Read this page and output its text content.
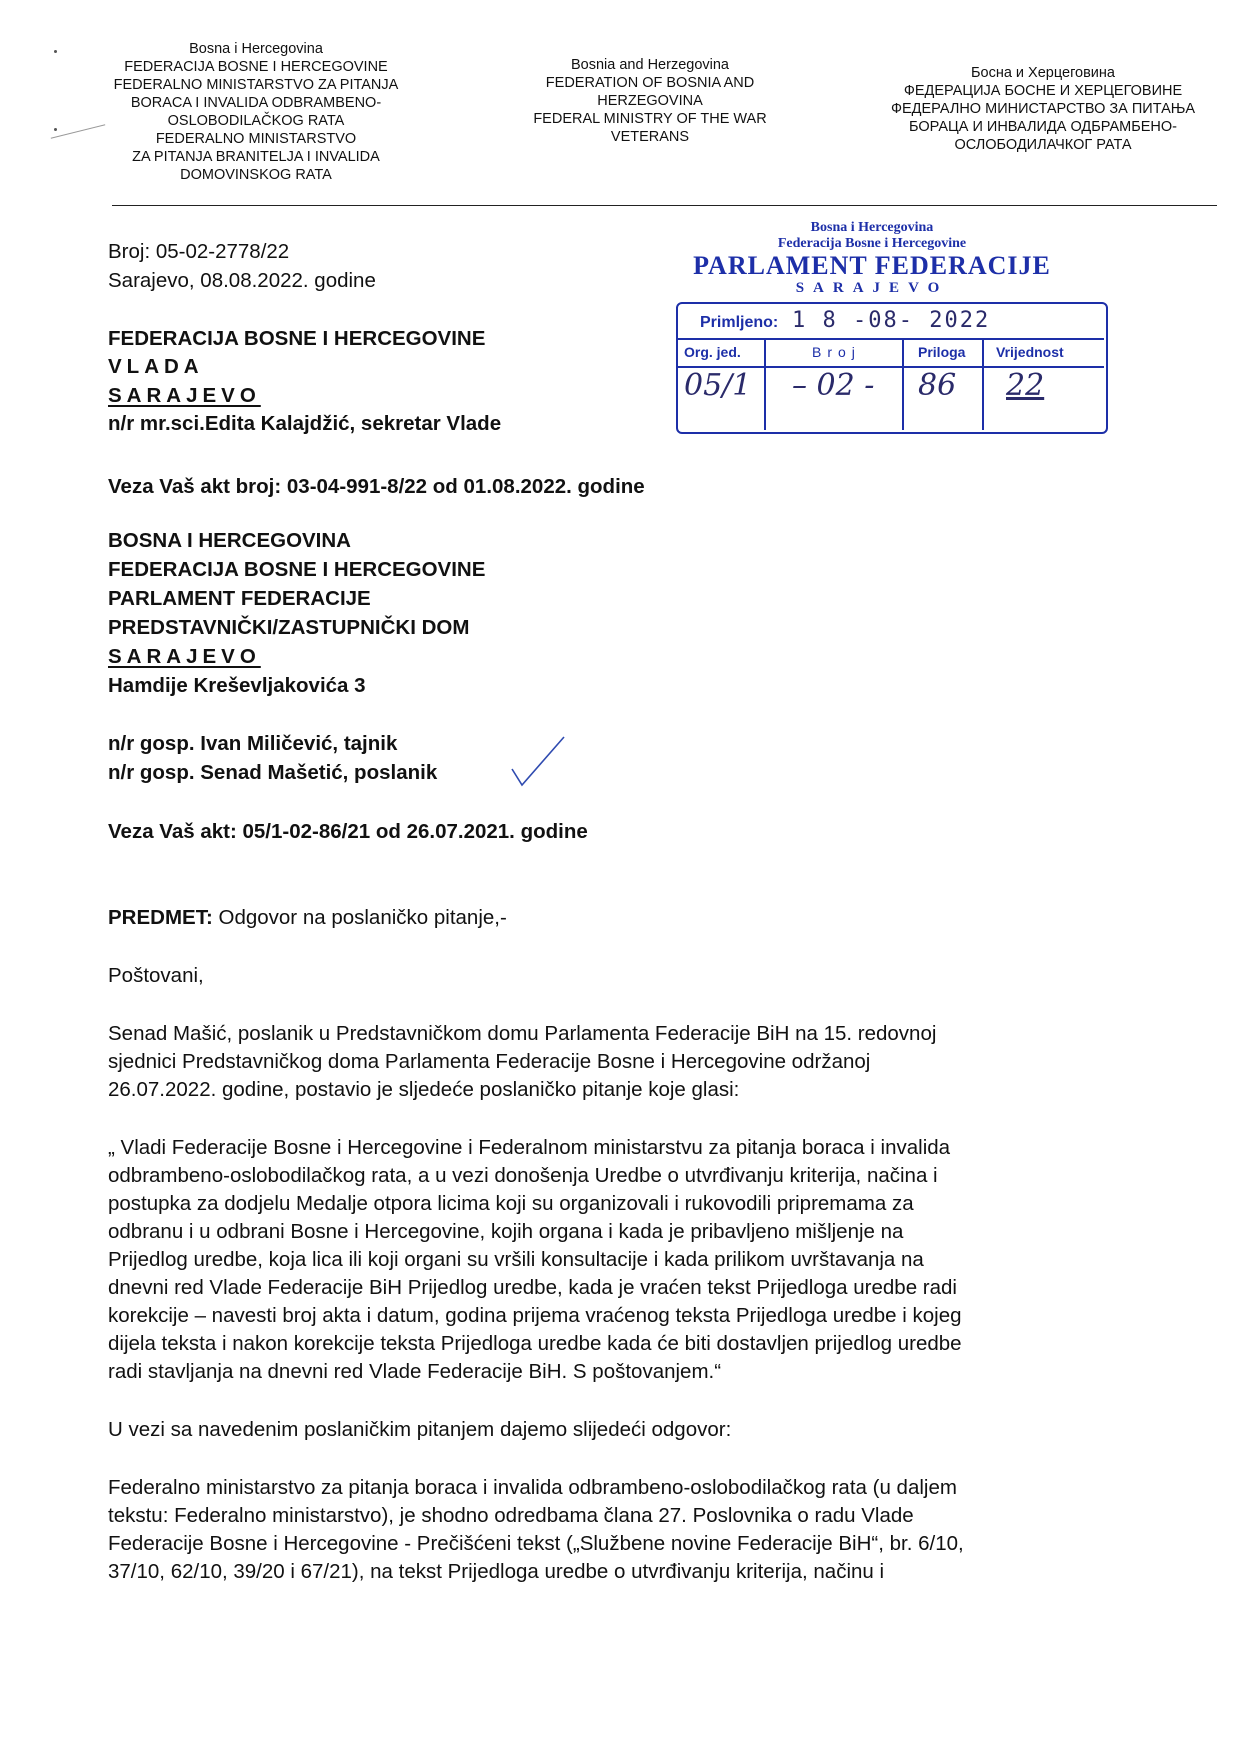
Bosna i Hercegovina
FEDERACIJA BOSNE I HERCEGOVINE
FEDERALNO MINISTARSTVO ZA PITANJA
BORACA I INVALIDA ODBRAMBENO-
OSLOBODILAČKOG RATA
FEDERALNO MINISTARSTVO
ZA PITANJA BRANITELJA I INVALIDA
DOMOVINSKOG RATA
Bosnia and Herzegovina
FEDERATION OF BOSNIA AND
HERZEGOVINA
FEDERAL MINISTRY OF THE WAR
VETERANS
Босна и Херцеговина
ФЕДЕРАЦИЈА БОСНЕ И ХЕРЦЕГОВИНЕ
ФЕДЕРАЛНО МИНИСТАРСТВО ЗА ПИТАЊА
БОРАЦА И ИНВАЛИДА ОДБРАМБЕНО-
ОСЛОБОДИЛАЧКОГ РАТА
Broj: 05-02-2778/22
Sarajevo, 08.08.2022. godine
FEDERACIJA BOSNE I HERCEGOVINE
VLADA
SARAJEVO
n/r mr.sci.Edita Kalajdžić, sekretar Vlade
Veza Vaš akt broj: 03-04-991-8/22 od 01.08.2022. godine
BOSNA I HERCEGOVINA
FEDERACIJA BOSNE I HERCEGOVINE
PARLAMENT FEDERACIJE
PREDSTAVNIČKI/ZASTUPNIČKI DOM
SARAJEVO
Hamdije Kreševljakovića 3
n/r gosp. Ivan Miličević, tajnik
n/r gosp. Senad Mašetić, poslanik
Veza Vaš akt: 05/1-02-86/21 od 26.07.2021. godine
PREDMET: Odgovor na poslaničko pitanje,-
Poštovani,
Senad Mašić, poslanik u Predstavničkom domu Parlamenta Federacije BiH na 15. redovnoj
sjednici Predstavničkog doma Parlamenta Federacije Bosne i Hercegovine održanoj
26.07.2022. godine, postavio je sljedeće poslaničko pitanje koje glasi:
„ Vladi Federacije Bosne i Hercegovine i Federalnom ministarstvu za pitanja boraca i invalida
odbrambeno-oslobodilačkog rata, a u vezi donošenja Uredbe o utvrđivanju kriterija, načina i
postupka za dodjelu Medalje otpora licima koji su organizovali i rukovodili pripremama za
odbranu i u odbrani Bosne i Hercegovine, kojih organa i kada je pribavljeno mišljenje na
Prijedlog uredbe, koja lica ili koji organi su vršili konsultacije i kada prilikom uvrštavanja na
dnevni red Vlade Federacije BiH Prijedlog uredbe, kada je vraćen tekst Prijedloga uredbe radi
korekcije – navesti broj akta i datum, godina prijema vraćenog teksta Prijedloga uredbe i kojeg
dijela teksta i nakon korekcije teksta Prijedloga uredbe kada će biti dostavljen prijedlog uredbe
radi stavljanja na dnevni red Vlade Federacije BiH. S poštovanjem.“
U vezi sa navedenim poslaničkim pitanjem dajemo slijedeći odgovor:
Federalno ministarstvo za pitanja boraca i invalida odbrambeno-oslobodilačkog rata (u daljem
tekstu: Federalno ministarstvo), je shodno odredbama člana 27. Poslovnika o radu Vlade
Federacije Bosne i Hercegovine - Prečišćeni tekst („Službene novine Federacije BiH“, br. 6/10,
37/10, 62/10, 39/20 i 67/21), na tekst Prijedloga uredbe o utvrđivanju kriterija, načinu i
Bosna i Hercegovina
Federacija Bosne i Hercegovine
PARLAMENT FEDERACIJE
SARAJEVO
Primljeno: 1 8 -08- 2022
Org. jed.	Broj	Priloga Vrijednost
05/1 – 02 - 86 22
